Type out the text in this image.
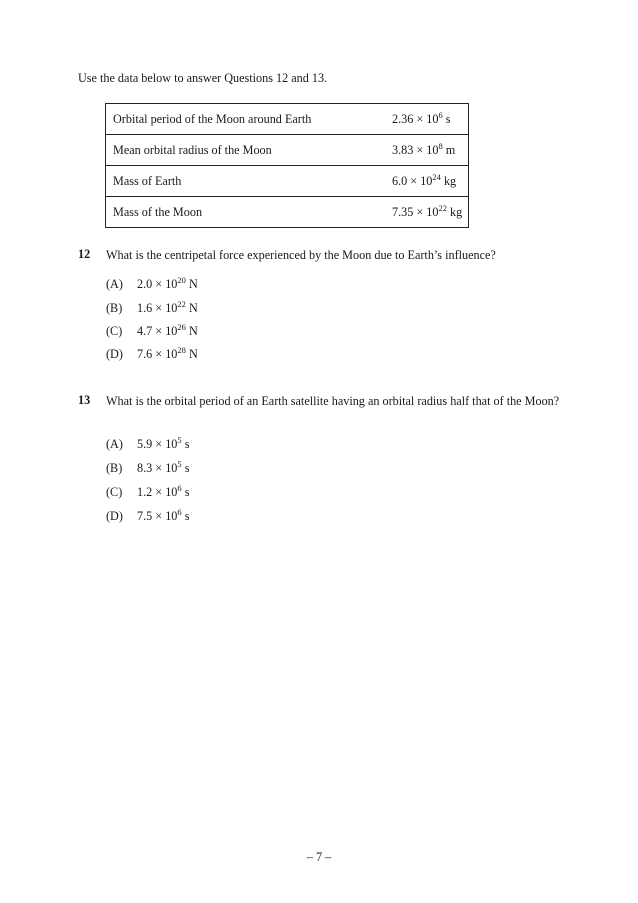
Use the data below to answer Questions 12 and 13.
Orbital period of the Moon around Earth	$2.36 \times 10^6$ s
Mean orbital radius of the Moon	$3.83 \times 10^8$ m
Mass of Earth	$6.0 \times 10^{24}$ kg
Mass of the Moon	$7.35 \times 10^{22}$ kg
12 What is the centripetal force experienced by the Moon due to Earth’s influence?
(A) $2.0 \times 10^{20}$ N
(B) $1.6 \times 10^{22}$ N
(C) $4.7 \times 10^{26}$ N
(D) $7.6 \times 10^{28}$ N
13 What is the orbital period of an Earth satellite having an orbital radius half that of the Moon?
(A) $5.9 \times 10^5$ s
(B) $8.3 \times 10^5$ s
(C) $1.2 \times 10^6$ s
(D) $7.5 \times 10^6$ s
– 7 –
